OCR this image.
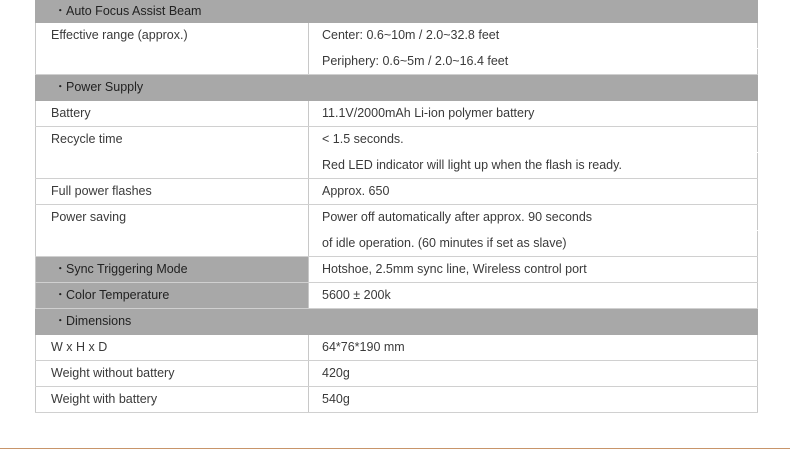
・Auto Focus Assist Beam	
Effective range (approx.)	Center: 0.6~10m / 2.0~32.8 feet
	Periphery: 0.6~5m / 2.0~16.4 feet
・Power Supply	
Battery	11.1V/2000mAh Li-ion polymer battery
Recycle time	< 1.5 seconds.
	Red LED indicator will light up when the flash is ready.
Full power flashes	Approx. 650
Power saving	Power off automatically after approx. 90 seconds
	of idle operation. (60 minutes if set as slave)
・Sync Triggering Mode	Hotshoe, 2.5mm sync line, Wireless control port
・Color Temperature	5600 ± 200k
・Dimensions	
W x H x D	64*76*190 mm
Weight without battery	420g
Weight with battery	540g
